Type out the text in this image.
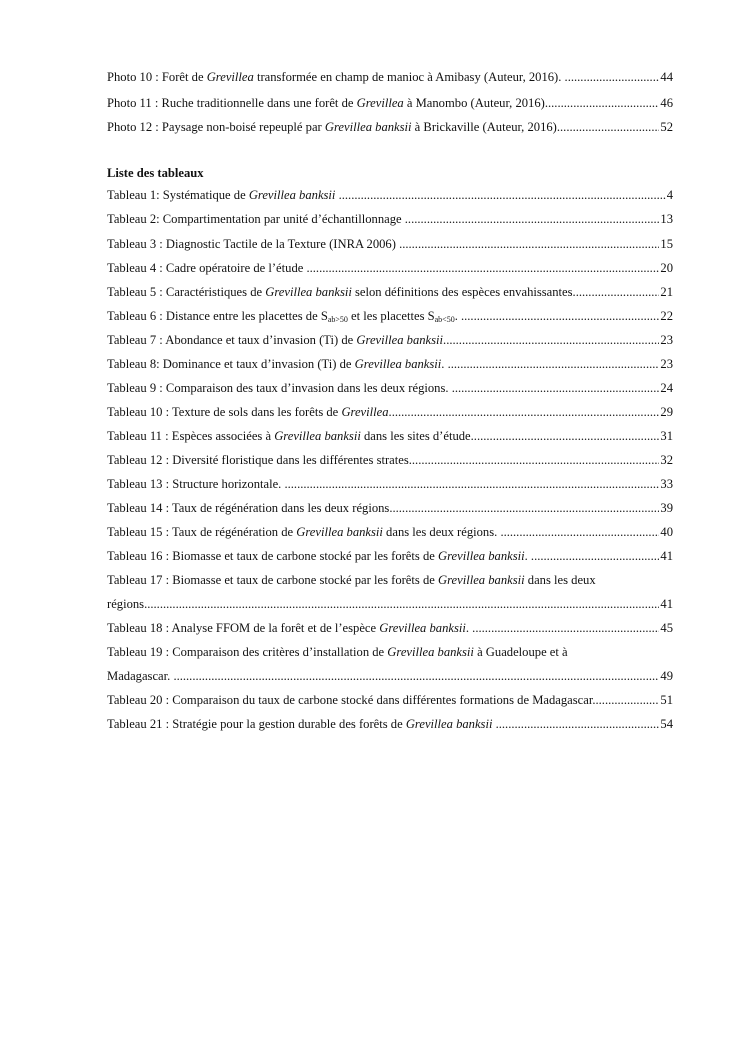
Photo 10 : Forêt de Grevillea transformée en champ de manioc à Amibasy (Auteur, 2016). .....	44
Photo 11 : Ruche traditionnelle dans une forêt de Grevillea à Manombo (Auteur, 2016) .....	46
Photo 12 : Paysage non-boisé repeuplé par Grevillea banksii à Brickaville (Auteur, 2016). .....	52
Liste des tableaux
Tableau 1: Systématique de Grevillea banksii .....	4
Tableau 2: Compartimentation par unité d’échantillonnage .....	13
Tableau 3 : Diagnostic Tactile de la Texture (INRA 2006) .....	15
Tableau 4 : Cadre opératoire de l’étude .....	20
Tableau 5 : Caractéristiques de Grevillea banksii selon définitions des espèces envahissantes. .....	21
Tableau 6 : Distance entre les placettes de $S_{ab>50}$ et les placettes $S_{ab<50}$. .....	22
Tableau 7 : Abondance et taux d’invasion (Ti) de Grevillea banksii .....	23
Tableau 8: Dominance et taux d’invasion (Ti) de Grevillea banksii. .....	23
Tableau 9 : Comparaison des taux d’invasion dans les deux régions. .....	24
Tableau 10 : Texture de sols dans les forêts de Grevillea. .....	29
Tableau 11 : Espèces associées à Grevillea banksii dans les sites d’étude. .....	31
Tableau 12 : Diversité floristique dans les différentes strates. .....	32
Tableau 13 : Structure horizontale. .....	33
Tableau 14 : Taux de régénération dans les deux régions. .....	39
Tableau 15 : Taux de régénération de Grevillea banksii dans les deux régions. .....	40
Tableau 16 : Biomasse et taux de carbone stocké par les forêts de Grevillea banksii. .....	41
Tableau 17 : Biomasse et taux de carbone stocké par les forêts de Grevillea banksii dans les deux
régions. .....	41
Tableau 18 : Analyse FFOM de la forêt et de l’espèce Grevillea banksii. .....	45
Tableau 19 : Comparaison des critères d’installation de Grevillea banksii à Guadeloupe et à
Madagascar. .....	49
Tableau 20 : Comparaison du taux de carbone stocké dans différentes formations de Madagascar .....	51
Tableau 21 : Stratégie pour la gestion durable des forêts de Grevillea banksii .....	54
